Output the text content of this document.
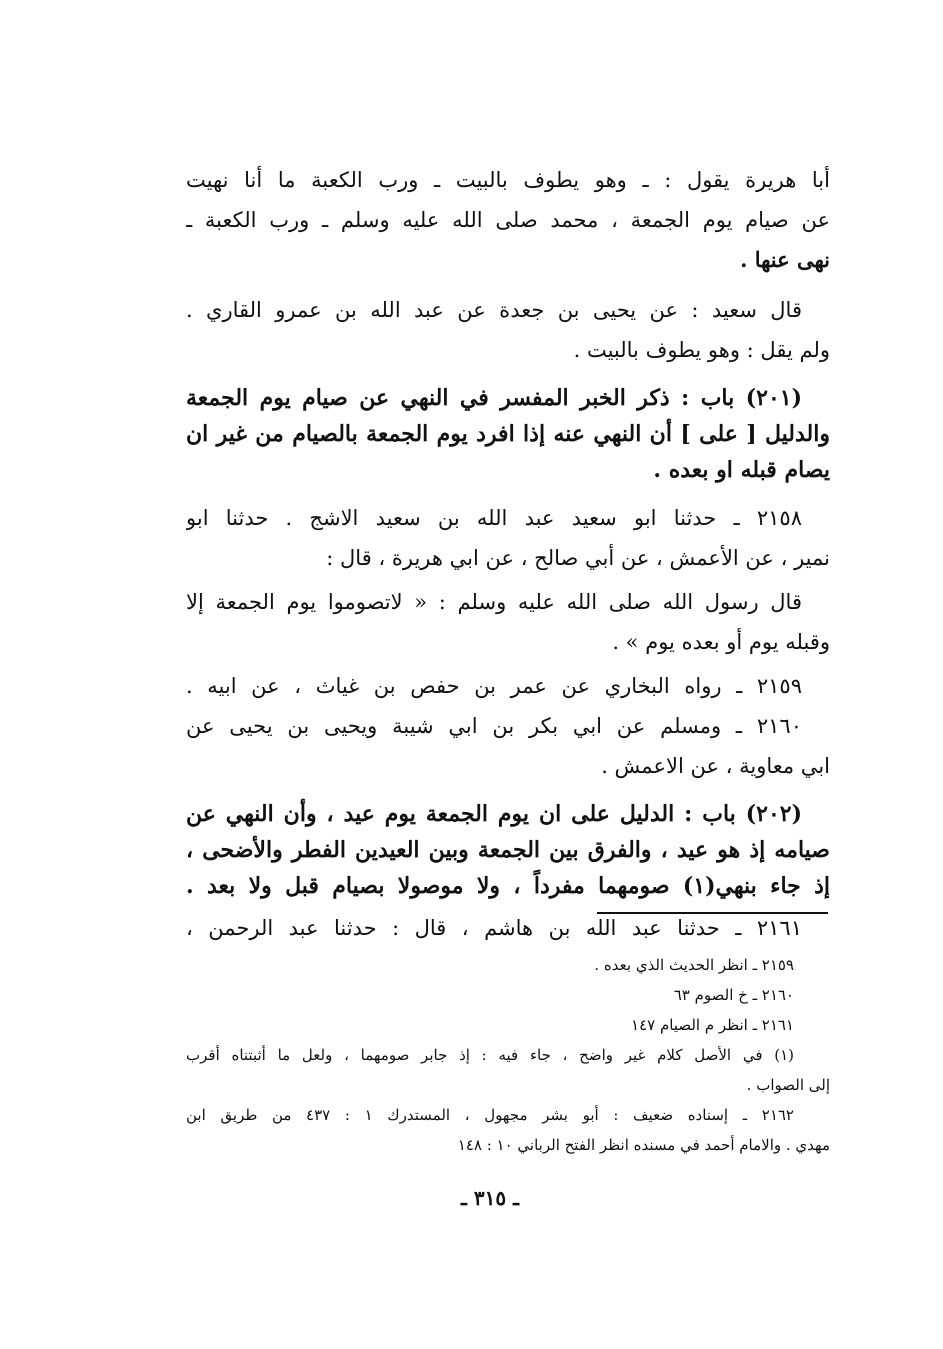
أبا هريرة يقول : ـ وهو يطوف بالبيت ـ ورب الكعبة ما أنا نهيت
عن صيام يوم الجمعة ، محمد صلى الله عليه وسلم ـ ورب الكعبة ـ
نهى عنها .
قال سعيد : عن يحيى بن جعدة عن عبد الله بن عمرو القاري .
ولم يقل : وهو يطوف بالبيت .
(٢٠١) باب : ذكر الخبر المفسر في النهي عن صيام يوم الجمعة
والدليل [ على ] أن النهي عنه إذا افرد يوم الجمعة بالصيام من غير ان
يصام قبله او بعده .
٢١٥٨ ـ حدثنا ابو سعيد عبد الله بن سعيد الاشج . حدثنا ابو
نمير ، عن الأعمش ، عن أبي صالح ، عن ابي هريرة ، قال :
قال رسول الله صلى الله عليه وسلم : « لاتصوموا يوم الجمعة إلا
وقبله يوم أو بعده يوم » .
٢١٥٩ ـ رواه البخاري عن عمر بن حفص بن غياث ، عن ابيه .
٢١٦٠ ـ ومسلم عن ابي بكر بن ابي شيبة ويحيى بن يحيى عن
ابي معاوية ، عن الاعمش .
(٢٠٢) باب : الدليل على ان يوم الجمعة يوم عيد ، وأن النهي عن
صيامه إذ هو عيد ، والفرق بين الجمعة وبين العيدين الفطر والأضحى ،
إذ جاء بنهي(١) صومهما مفرداً ، ولا موصولا بصيام قبل ولا بعد .
٢١٦١ ـ حدثنا عبد الله بن هاشم ، قال : حدثنا عبد الرحمن ،
٢١٥٩ ـ انظر الحديث الذي بعده .
٢١٦٠ ـ خ الصوم ٦٣
٢١٦١ ـ انظر م الصيام ١٤٧
(١) في الأصل كلام غير واضح ، جاء فيه : إذ جابر صومهما ، ولعل ما أثبتناه أقرب
إلى الصواب .
٢١٦٢ ـ إسناده ضعيف : أبو بشر مجهول ، المستدرك ١ : ٤٣٧ من طريق ابن
مهدي . والامام أحمد في مسنده انظر الفتح الرباني ١٠ : ١٤٨
ـ ٣١٥ ـ
